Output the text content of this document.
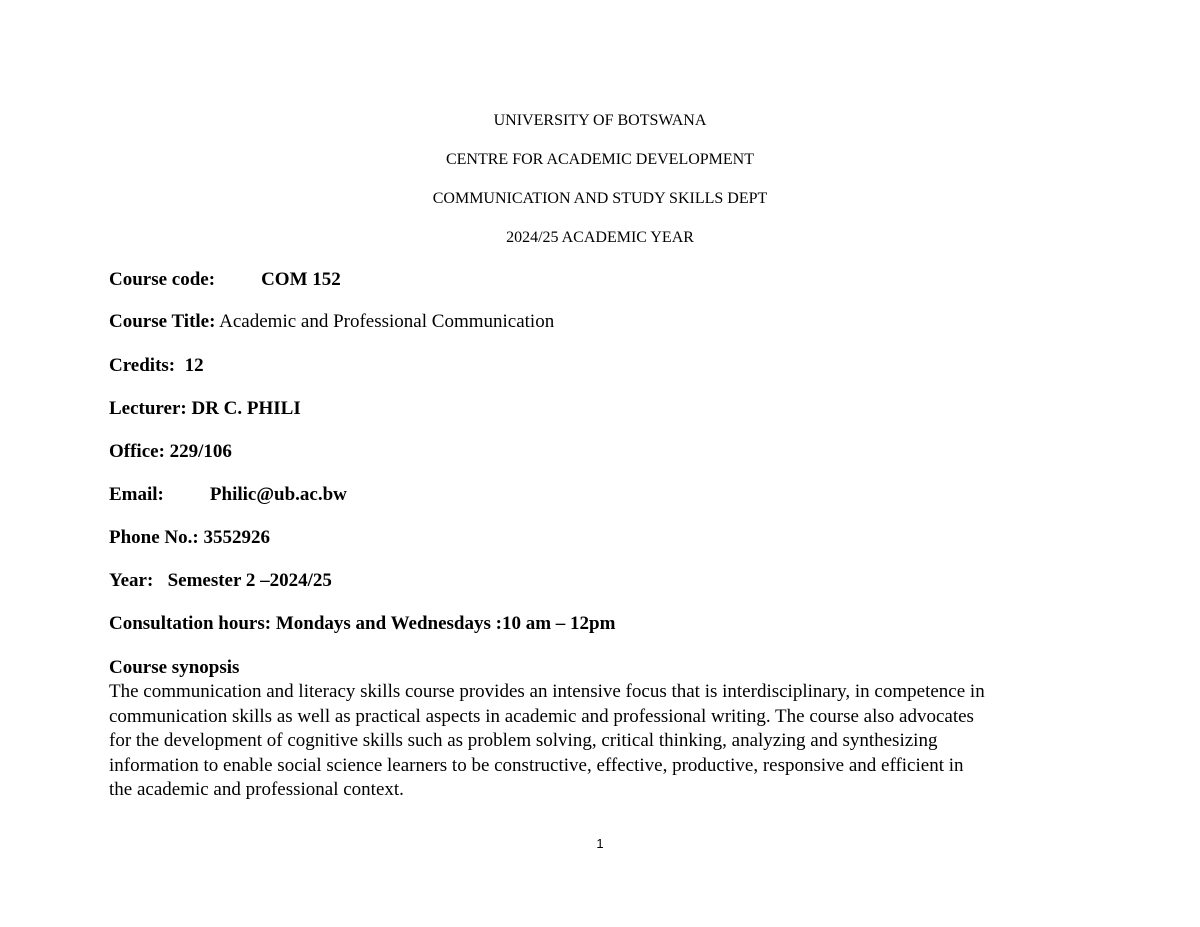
UNIVERSITY OF BOTSWANA
CENTRE FOR ACADEMIC DEVELOPMENT
COMMUNICATION AND STUDY SKILLS DEPT
2024/25 ACADEMIC YEAR
Course code: COM 152
Course Title: Academic and Professional Communication
Credits: 12
Lecturer: DR C. PHILI
Office: 229/106
Email: Philic@ub.ac.bw
Phone No.: 3552926
Year: Semester 2 –2024/25
Consultation hours: Mondays and Wednesdays :10 am – 12pm
Course synopsis
The communication and literacy skills course provides an intensive focus that is interdisciplinary, in competence in
communication skills as well as practical aspects in academic and professional writing. The course also advocates
for the development of cognitive skills such as problem solving, critical thinking, analyzing and synthesizing
information to enable social science learners to be constructive, effective, productive, responsive and efficient in
the academic and professional context.
1
